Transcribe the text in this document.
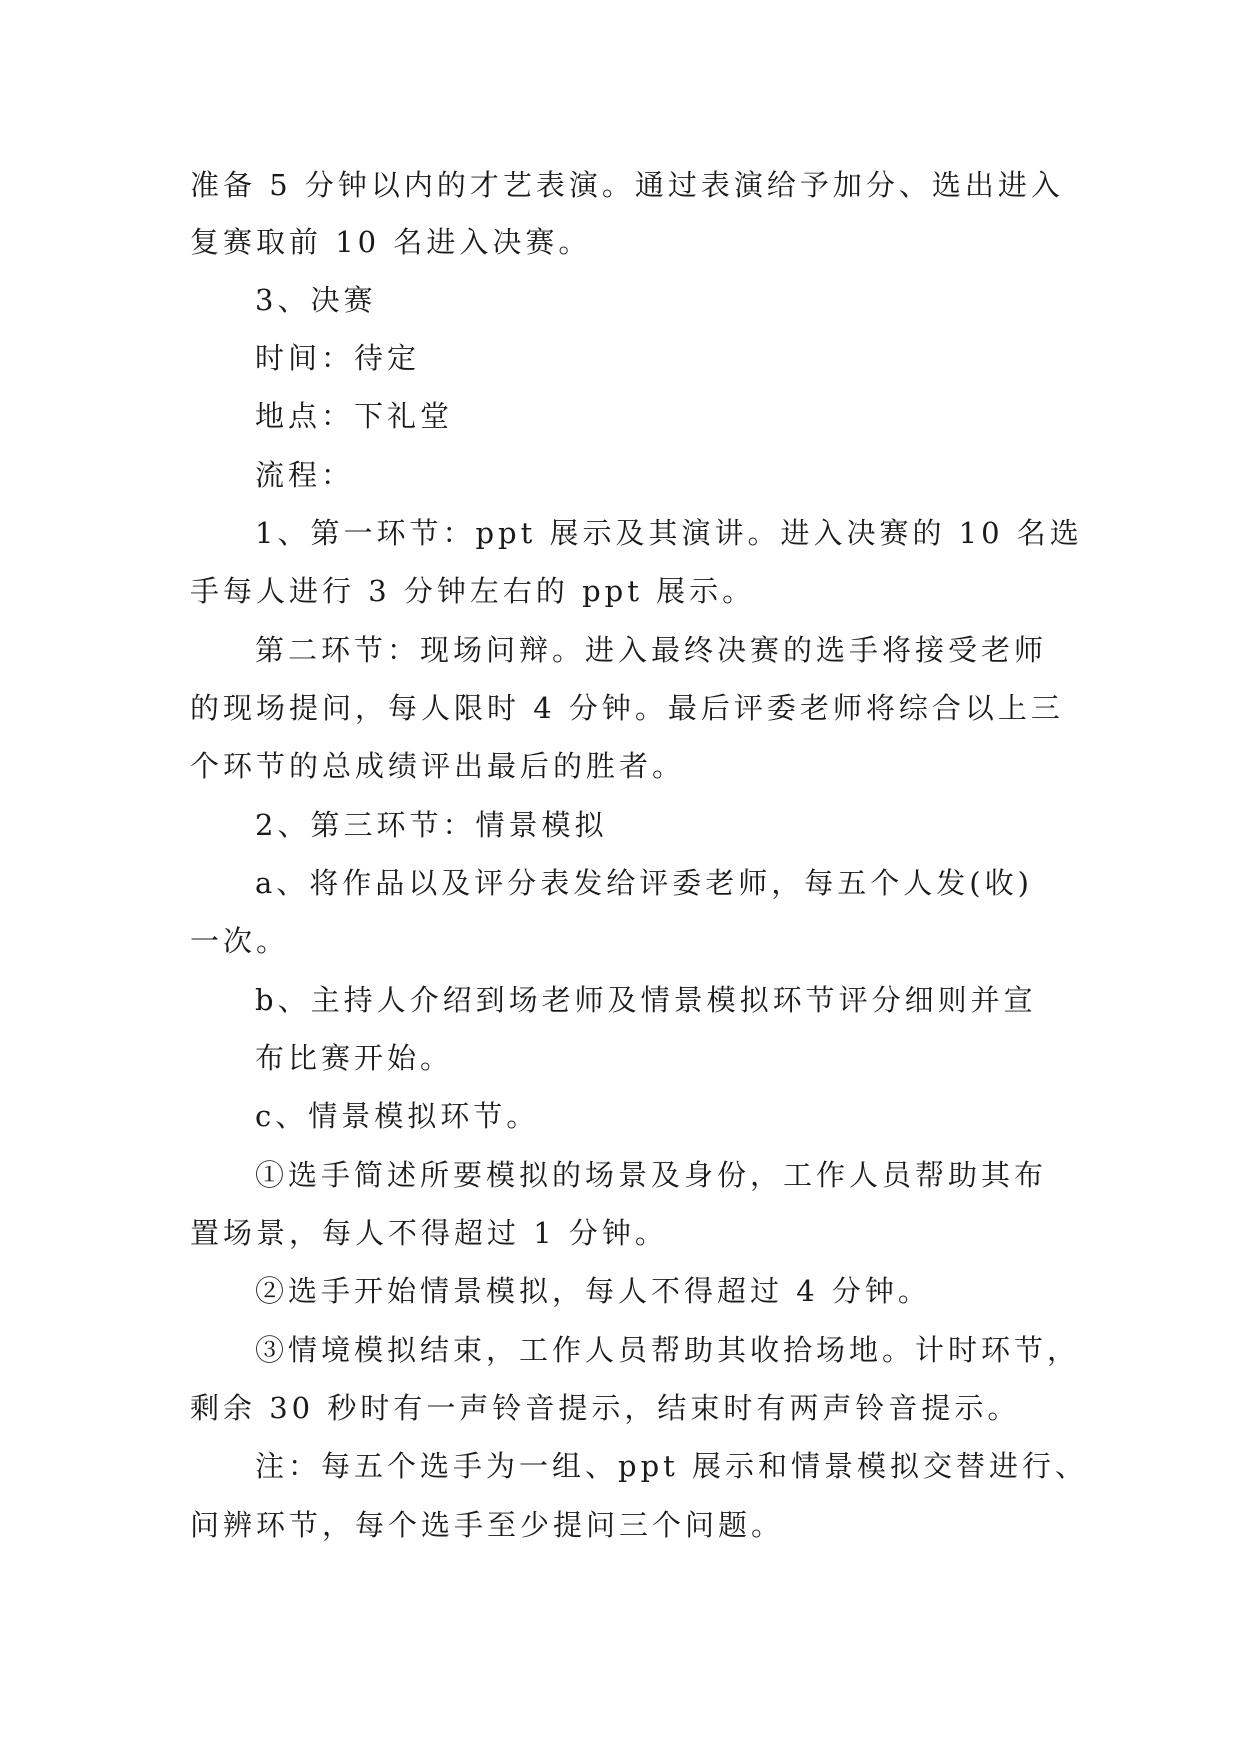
准备 5 分钟以内的才艺表演。通过表演给予加分、选出进入
复赛取前 10 名进入决赛。
3、决赛
时间：待定
地点：下礼堂
流程：
1、第一环节：ppt 展示及其演讲。进入决赛的 10 名选
手每人进行 3 分钟左右的 ppt 展示。
第二环节：现场问辩。进入最终决赛的选手将接受老师
的现场提问，每人限时 4 分钟。最后评委老师将综合以上三
个环节的总成绩评出最后的胜者。
2、第三环节：情景模拟
a、将作品以及评分表发给评委老师，每五个人发(收)
一次。
b、主持人介绍到场老师及情景模拟环节评分细则并宣
布比赛开始。
c、情景模拟环节。
①选手简述所要模拟的场景及身份，工作人员帮助其布
置场景，每人不得超过 1 分钟。
②选手开始情景模拟，每人不得超过 4 分钟。
③情境模拟结束，工作人员帮助其收拾场地。计时环节，
剩余 30 秒时有一声铃音提示，结束时有两声铃音提示。
注：每五个选手为一组、ppt 展示和情景模拟交替进行、
问辨环节，每个选手至少提问三个问题。
